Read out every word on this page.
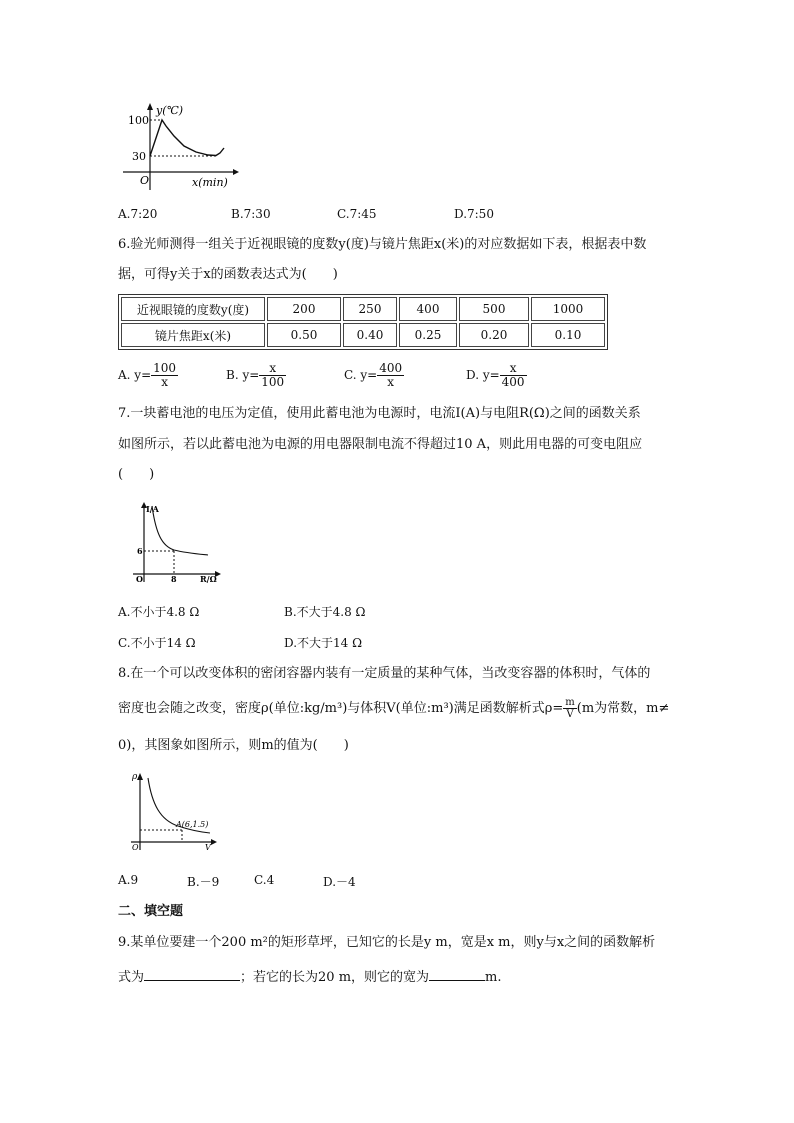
y(℃)
100
30
O	x(min)
A.7:20	B.7:30	C.7:45	D.7:50
6.验光师测得一组关于近视眼镜的度数y(度)与镜片焦距x(米)的对应数据如下表，根据表中数
据，可得y关于x的函数表达式为(　　)
近视眼镜的度数y(度)	200	250	400	500	1000
镜片焦距x(米)	0.50	0.40	0.25	0.20	0.10
A. $y= \frac{100}{x}$	B. $y= \frac{x}{100}$	C. $y= \frac{400}{x}$	D. $y= \frac{x}{400}$
7.一块蓄电池的电压为定值，使用此蓄电池为电源时，电流I(A)与电阻R(Ω)之间的函数关系
如图所示，若以此蓄电池为电源的用电器限制电流不得超过10 A，则此用电器的可变电阻应
(　　)
I/A
6
O	8	R/Ω
A.不小于4.8 Ω	B.不大于4.8 Ω
C.不小于14 Ω	D.不大于14 Ω
8.在一个可以改变体积的密闭容器内装有一定质量的某种气体，当改变容器的体积时，气体的
密度也会随之改变，密度ρ(单位:kg/m³)与体积V(单位:m³)满足函数解析式$\rho= \frac{m}{V} (m$为常数，m≠
0)，其图象如图所示，则m的值为(　　)
ρ
A(6,1.5)
O	V
A.9	B.－9	C.4	D.－4
二、填空题
9.某单位要建一个200 m²的矩形草坪，已知它的长是y m，宽是x m，则y与x之间的函数解析
式为	；若它的长为20 m，则它的宽为	m.
